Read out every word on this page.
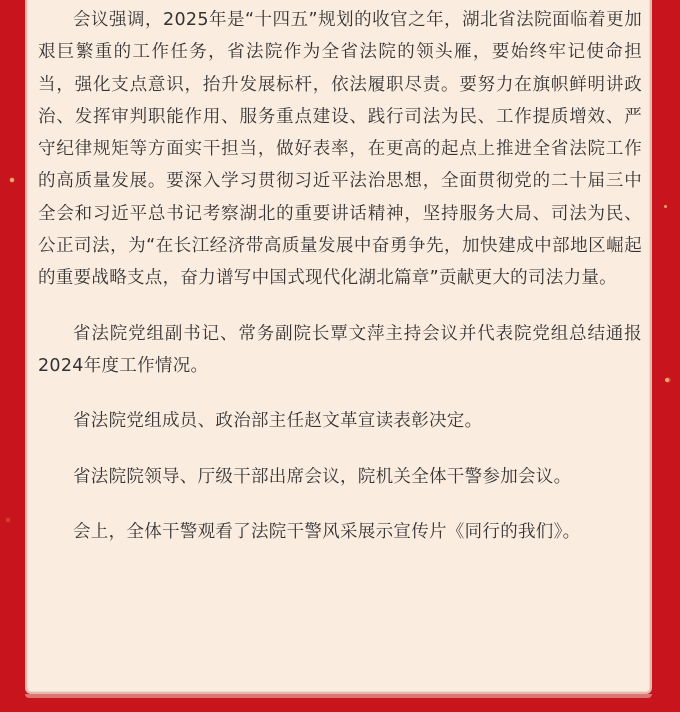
会议强调，2025年是“十四五”规划的收官之年，湖北省法院面临着更加艰巨繁重的工作任务，省法院作为全省法院的领头雁，要始终牢记使命担当，强化支点意识，抬升发展标杆，依法履职尽责。要努力在旗帜鲜明讲政治、发挥审判职能作用、服务重点建设、践行司法为民、工作提质增效、严守纪律规矩等方面实干担当，做好表率，在更高的起点上推进全省法院工作的高质量发展。要深入学习贯彻习近平法治思想，全面贯彻党的二十届三中全会和习近平总书记考察湖北的重要讲话精神，坚持服务大局、司法为民、公正司法，为“在长江经济带高质量发展中奋勇争先，加快建成中部地区崛起的重要战略支点，奋力谱写中国式现代化湖北篇章”贡献更大的司法力量。

省法院党组副书记、常务副院长覃文萍主持会议并代表院党组总结通报2024年度工作情况。

省法院党组成员、政治部主任赵文革宣读表彰决定。

省法院院领导、厅级干部出席会议，院机关全体干警参加会议。

会上，全体干警观看了法院干警风采展示宣传片《同行的我们》。
